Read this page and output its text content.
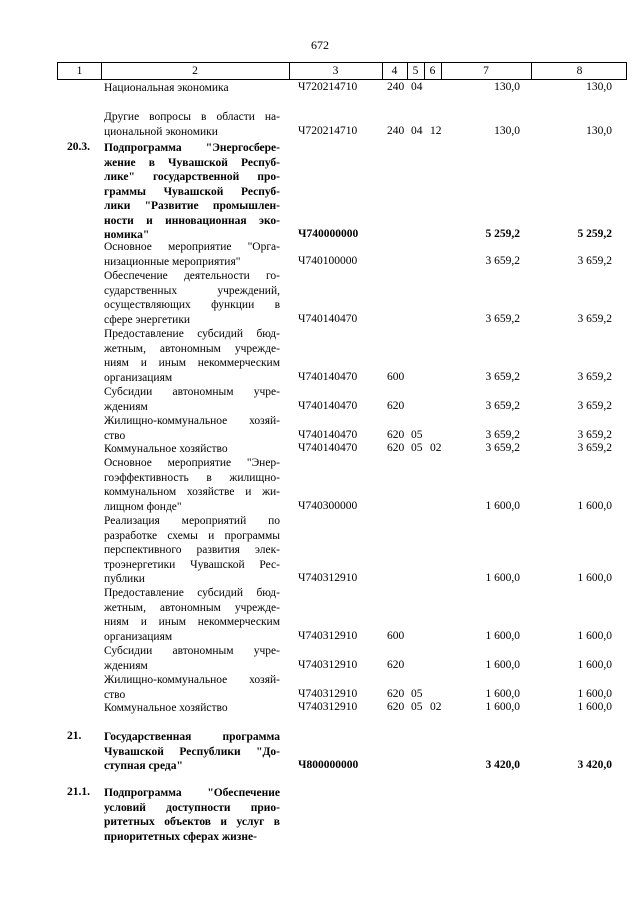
672
1	2	3	4	5 6	7	8
Национальная экономика	Ч720214710	240 04	130,0	130,0
Другие вопросы в области на-
циональной экономики	Ч720214710	240 04 12	130,0	130,0
20.3. Подпрограмма "Энергосбере-
жение в Чувашской Респуб-
лике" государственной про-
граммы Чувашской Респуб-
лики "Развитие промышлен-
ности и инновационная эко-
номика"	Ч740000000	5 259,2	5 259,2
Основное мероприятие "Орга-
низационные мероприятия"	Ч740100000	3 659,2	3 659,2
Обеспечение деятельности го-
сударственных учреждений,
осуществляющих функции в
сфере энергетики	Ч740140470	3 659,2	3 659,2
Предоставление субсидий бюд-
жетным, автономным учрежде-
ниям и иным некоммерческим
организациям	Ч740140470	600	3 659,2	3 659,2
Субсидии автономным учре-
ждениям	Ч740140470	620	3 659,2	3 659,2
Жилищно-коммунальное хозяй-
ство	Ч740140470	620 05	3 659,2	3 659,2
Коммунальное хозяйство	Ч740140470	620 05 02	3 659,2	3 659,2
Основное мероприятие "Энер-
гоэффективность в жилищно-
коммунальном хозяйстве и жи-
лищном фонде"	Ч740300000	1 600,0	1 600,0
Реализация мероприятий по
разработке схемы и программы
перспективного развития элек-
троэнергетики Чувашской Рес-
публики	Ч740312910	1 600,0	1 600,0
Предоставление субсидий бюд-
жетным, автономным учрежде-
ниям и иным некоммерческим
организациям	Ч740312910	600	1 600,0	1 600,0
Субсидии автономным учре-
ждениям	Ч740312910	620	1 600,0	1 600,0
Жилищно-коммунальное хозяй-
ство	Ч740312910	620 05	1 600,0	1 600,0
Коммунальное хозяйство	Ч740312910	620 05 02	1 600,0	1 600,0
21. Государственная программа
Чувашской Республики "До-
ступная среда"	Ч800000000	3 420,0	3 420,0
21.1. Подпрограмма "Обеспечение
условий доступности прио-
ритетных объектов и услуг в
приоритетных сферах жизне-
